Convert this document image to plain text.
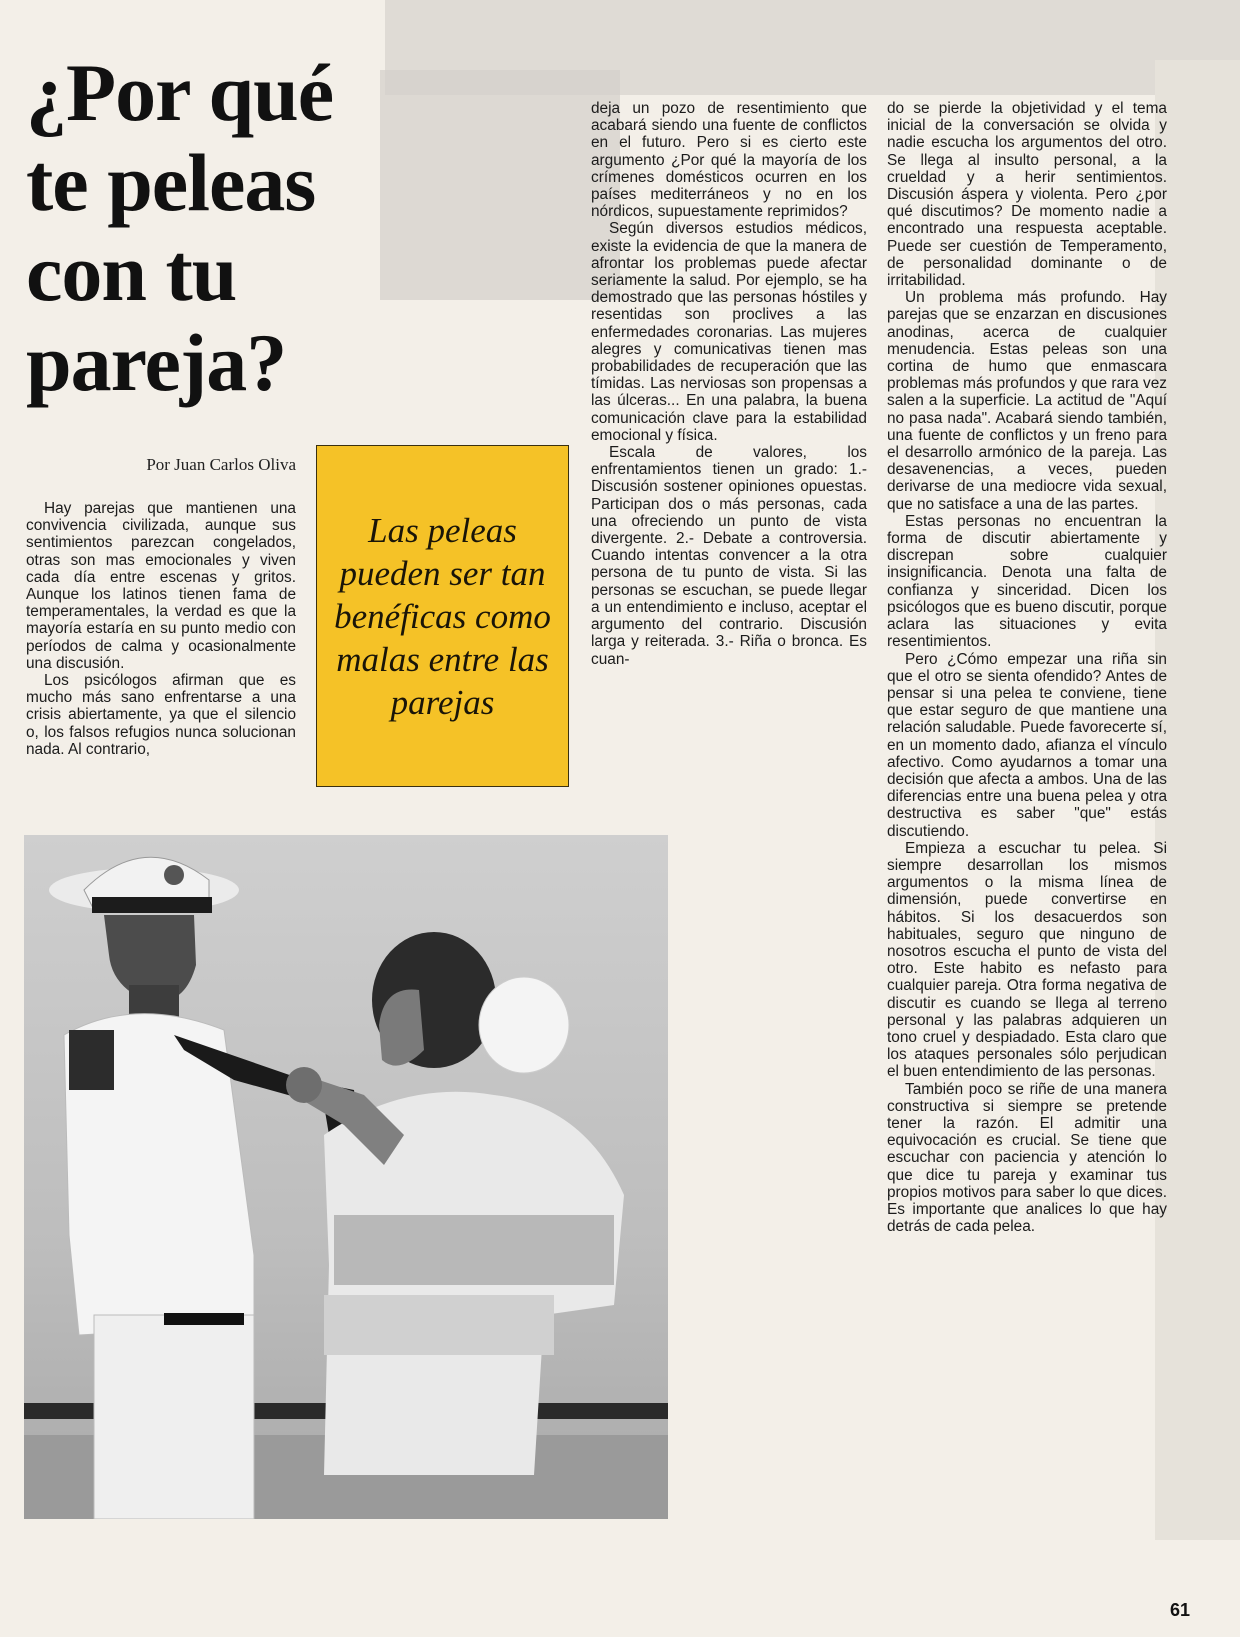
¿Por qué te peleas con tu pareja?
Por Juan Carlos Oliva

Hay parejas que mantienen una convivencia civilizada, aunque sus sentimientos parezcan congelados, otras son mas emocionales y viven cada día entre escenas y gritos. Aunque los latinos tienen fama de temperamentales, la verdad es que la mayoría estaría en su punto medio con períodos de calma y ocasionalmente una discusión.

Los psicólogos afirman que es mucho más sano enfrentarse a una crisis abiertamente, ya que el silencio o, los falsos refugios nunca solucionan nada. Al contrario,

Las peleas pueden ser tan benéficas como malas entre las parejas

deja un pozo de resentimiento que acabará siendo una fuente de conflictos en el futuro. Pero si es cierto este argumento ¿Por qué la mayoría de los crímenes domésticos ocurren en los países mediterráneos y no en los nórdicos, supuestamente reprimidos?

Según diversos estudios médicos, existe la evidencia de que la manera de afrontar los problemas puede afectar seriamente la salud. Por ejemplo, se ha demostrado que las personas hóstiles y resentidas son proclives a las enfermedades coronarias. Las mujeres alegres y comunicativas tienen mas probabilidades de recuperación que las tímidas. Las nerviosas son propensas a las úlceras... En una palabra, la buena comunicación clave para la estabilidad emocional y física.

Escala de valores, los enfrentamientos tienen un grado: 1.- Discusión sostener opiniones opuestas. Participan dos o más personas, cada una ofreciendo un punto de vista divergente. 2.- Debate a controversia. Cuando intentas convencer a la otra persona de tu punto de vista. Si las personas se escuchan, se puede llegar a un entendimiento e incluso, aceptar el argumento del contrario. Discusión larga y reiterada. 3.- Riña o bronca. Es cuan-

do se pierde la objetividad y el tema inicial de la conversación se olvida y nadie escucha los argumentos del otro. Se llega al insulto personal, a la crueldad y a herir sentimientos. Discusión áspera y violenta. Pero ¿por qué discutimos? De momento nadie a encontrado una respuesta aceptable. Puede ser cuestión de Temperamento, de personalidad dominante o de irritabilidad.

Un problema más profundo. Hay parejas que se enzarzan en discusiones anodinas, acerca de cualquier menudencia. Estas peleas son una cortina de humo que enmascara problemas más profundos y que rara vez salen a la superficie. La actitud de "Aquí no pasa nada". Acabará siendo también, una fuente de conflictos y un freno para el desarrollo armónico de la pareja. Las desavenencias, a veces, pueden derivarse de una mediocre vida sexual, que no satisface a una de las partes.

Estas personas no encuentran la forma de discutir abiertamente y discrepan sobre cualquier insignificancia. Denota una falta de confianza y sinceridad. Dicen los psicólogos que es bueno discutir, porque aclara las situaciones y evita resentimientos.

Pero ¿Cómo empezar una riña sin que el otro se sienta ofendido? Antes de pensar si una pelea te conviene, tiene que estar seguro de que mantiene una relación saludable. Puede favorecerte sí, en un momento dado, afianza el vínculo afectivo. Como ayudarnos a tomar una decisión que afecta a ambos. Una de las diferencias entre una buena pelea y otra destructiva es saber "que" estás discutiendo.

Empieza a escuchar tu pelea. Si siempre desarrollan los mismos argumentos o la misma línea de dimensión, puede convertirse en hábitos. Si los desacuerdos son habituales, seguro que ninguno de nosotros escucha el punto de vista del otro. Este habito es nefasto para cualquier pareja. Otra forma negativa de discutir es cuando se llega al terreno personal y las palabras adquieren un tono cruel y despiadado. Esta claro que los ataques personales sólo perjudican el buen entendimiento de las personas.

También poco se riñe de una manera constructiva si siempre se pretende tener la razón. El admitir una equivocación es crucial. Se tiene que escuchar con paciencia y atención lo que dice tu pareja y examinar tus propios motivos para saber lo que dices. Es importante que analices lo que hay detrás de cada pelea.

61
